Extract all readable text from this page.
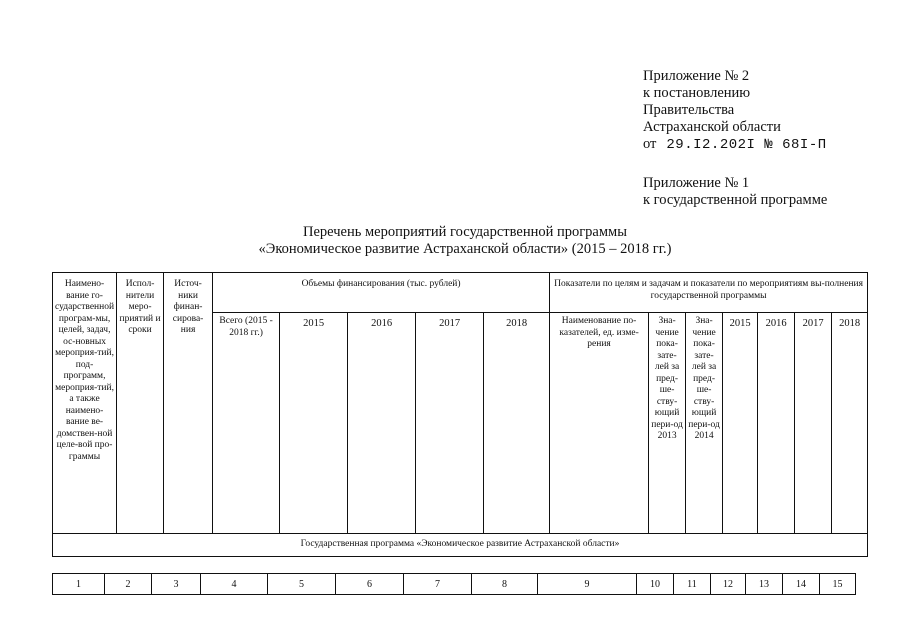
Приложение № 2
к постановлению
Правительства
Астраханской области
от 29.I2.202I № 68I-П
Приложение № 1
к государственной программе
Перечень мероприятий государственной программы
«Экономическое развитие Астраханской области» (2015 – 2018 гг.)
Наимено-вание го-сударственной програм-мы, целей, задач, ос-новных мероприя-тий, под-программ, мероприя-тий, а также наимено-вание ве-домствен-ной целе-вой про-граммы	Испол-нители меро-приятий и сроки	Источ-ники финан-сирова-ния	Объемы финансирования (тыс. рублей)					Показатели по целям и задачам и показатели по мероприятиям вы-полнения государственной программы						
			Всего (2015 - 2018 гг.)	2015	2016	2017	2018	Наименование по-казателей, ед. изме-рения	Зна-чение пока-зате-лей за пред-ше-ству-ющий пери-од 2013	Зна-чение пока-зате-лей за пред-ше-ству-ющий пери-од 2014	2015	2016	2017	2018
Государственная программа «Экономическое развитие Астраханской области»														
1	2	3	4	5	6	7	8	9	10	11	12	13	14	15
